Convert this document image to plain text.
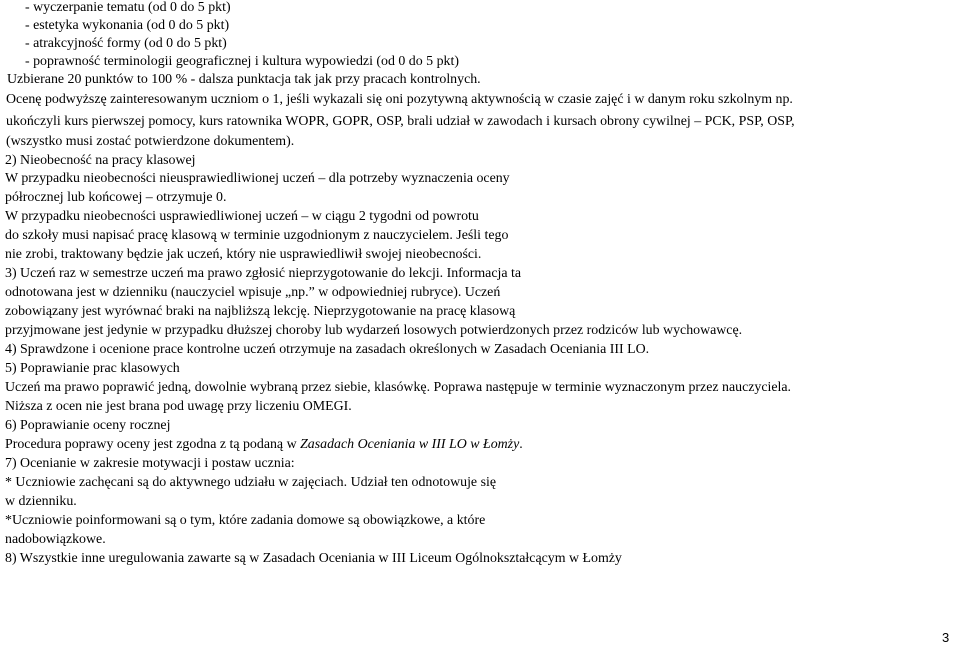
- wyczerpanie tematu (od 0 do 5 pkt)
- estetyka wykonania (od 0 do 5 pkt)
- atrakcyjność formy (od 0 do 5 pkt)
- poprawność terminologii geograficznej i kultura wypowiedzi (od 0 do 5 pkt)
Uzbierane 20 punktów to 100 % - dalsza punktacja tak jak przy pracach kontrolnych.
Ocenę podwyższę zainteresowanym uczniom o 1, jeśli wykazali się oni pozytywną aktywnością w czasie zajęć i w danym roku szkolnym np.
ukończyli kurs pierwszej pomocy, kurs ratownika WOPR, GOPR, OSP, brali udział w zawodach i kursach obrony cywilnej – PCK, PSP, OSP,
(wszystko musi zostać potwierdzone dokumentem).
2) Nieobecność na pracy klasowej
W przypadku nieobecności nieusprawiedliwionej uczeń – dla potrzeby wyznaczenia oceny
półrocznej lub końcowej – otrzymuje 0.
W przypadku nieobecności usprawiedliwionej uczeń – w ciągu 2 tygodni od powrotu
do szkoły musi napisać pracę klasową w terminie uzgodnionym z nauczycielem. Jeśli tego
nie zrobi, traktowany będzie jak uczeń, który nie usprawiedliwił swojej nieobecności.
3) Uczeń raz w semestrze uczeń ma prawo zgłosić nieprzygotowanie do lekcji. Informacja ta
odnotowana jest w dzienniku (nauczyciel wpisuje „np.” w odpowiedniej rubryce). Uczeń
zobowiązany jest wyrównać braki na najbliższą lekcję. Nieprzygotowanie na pracę klasową
przyjmowane jest jedynie w przypadku dłuższej choroby lub wydarzeń losowych potwierdzonych przez rodziców lub wychowawcę.
4) Sprawdzone i ocenione prace kontrolne uczeń otrzymuje na zasadach określonych w Zasadach Oceniania III LO.
5) Poprawianie prac klasowych
Uczeń ma prawo poprawić jedną, dowolnie wybraną przez siebie, klasówkę. Poprawa następuje w terminie wyznaczonym przez nauczyciela.
Niższa z ocen nie jest brana pod uwagę przy liczeniu OMEGI.
6) Poprawianie oceny rocznej
Procedura poprawy oceny jest zgodna z tą podaną w Zasadach Oceniania w III LO w Łomży.
7) Ocenianie w zakresie motywacji i postaw ucznia:
* Uczniowie zachęcani są do aktywnego udziału w zajęciach. Udział ten odnotowuje się
w dzienniku.
*Uczniowie poinformowani są o tym, które zadania domowe są obowiązkowe, a które
nadobowiązkowe.
8) Wszystkie inne uregulowania zawarte są w Zasadach Oceniania w III Liceum Ogólnokształcącym w Łomży
3
